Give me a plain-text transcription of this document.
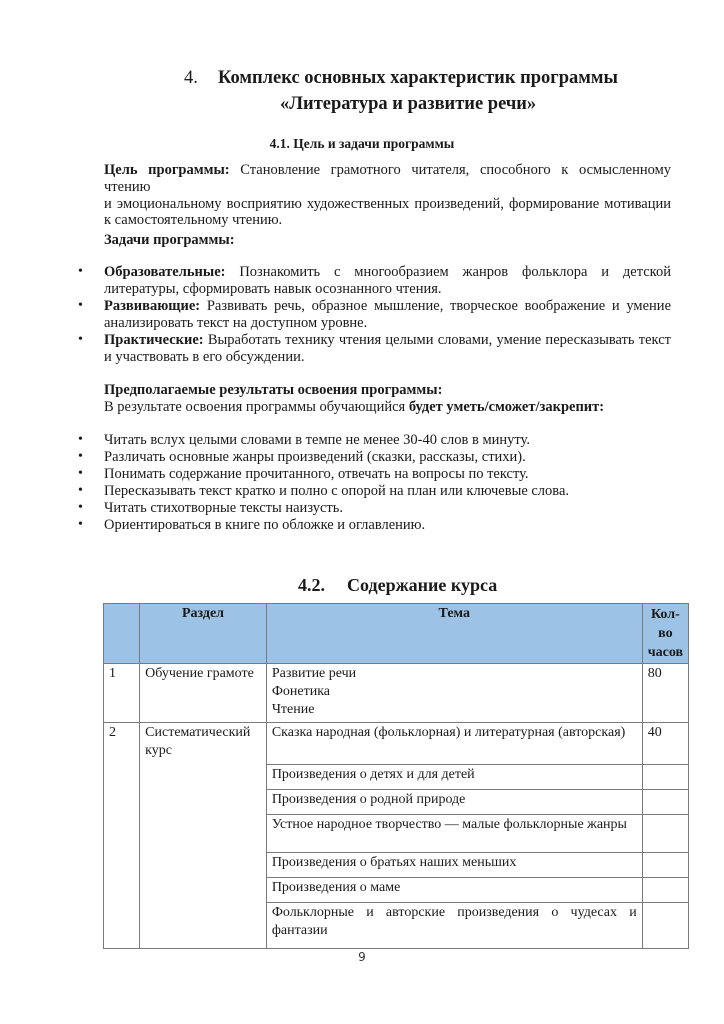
4. Комплекс основных характеристик программы
«Литература и развитие речи»
4.1. Цель и задачи программы
Цель программы: Становление грамотного читателя, способного к осмысленному чтению
и эмоциональному восприятию художественных произведений, формирование мотивации
к самостоятельному чтению.
Задачи программы:
• Образовательные: Познакомить с многообразием жанров фольклора и детской
литературы, сформировать навык осознанного чтения.
• Развивающие: Развивать речь, образное мышление, творческое воображение и умение
анализировать текст на доступном уровне.
• Практические: Выработать технику чтения целыми словами, умение пересказывать текст
и участвовать в его обсуждении.
Предполагаемые результаты освоения программы:
В результате освоения программы обучающийся будет уметь/сможет/закрепит:
• Читать вслух целыми словами в темпе не менее 30-40 слов в минуту.
• Различать основные жанры произведений (сказки, рассказы, стихи).
• Понимать содержание прочитанного, отвечать на вопросы по тексту.
• Пересказывать текст кратко и полно с опорой на план или ключевые слова.
• Читать стихотворные тексты наизусть.
• Ориентироваться в книге по обложке и оглавлению.
4.2. Содержание курса
	Раздел	Тема	Кол-во часов
1	Обучение грамоте	Развитие речи
Фонетика
Чтение	80
2	Систематический курс	Сказка народная (фольклорная) и литературная (авторская)	40
		Произведения о детях и для детей	
		Произведения о родной природе	
		Устное народное творчество — малые фольклорные жанры	
		Произведения о братьях наших меньших	
		Произведения о маме	
		Фольклорные и авторские произведения о чудесах и фантазии	
9
